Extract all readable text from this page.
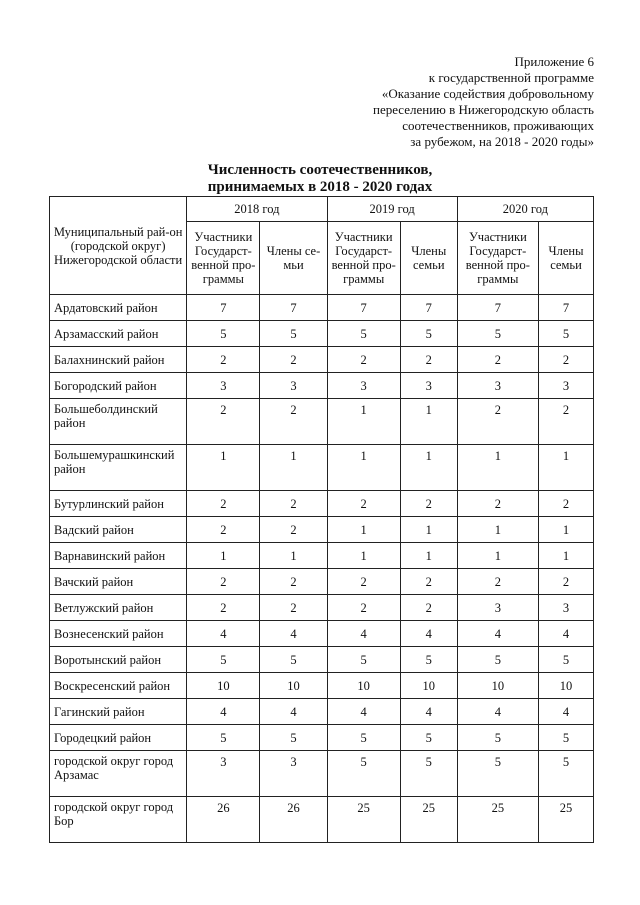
Приложение 6
к государственной программе
«Оказание содействия добровольному
переселению в Нижегородскую область
соотечественников, проживающих
за рубежом, на 2018 - 2020 годы»
Численность соотечественников,
принимаемых в 2018 - 2020 годах
Муниципальный рай-он (городской округ) Нижегородской области	2018 год		2019 год		2020 год	
	Участники Государст-венной про-граммы	Члены се-мьи	Участники Государст-венной про-граммы	Члены семьи	Участники Государст-венной про-граммы	Члены семьи
Ардатовский район	7	7	7	7	7	7
Арзамасский район	5	5	5	5	5	5
Балахнинский район	2	2	2	2	2	2
Богородский район	3	3	3	3	3	3
Большеболдинский район	2	2	1	1	2	2
Большемурашкинский район	1	1	1	1	1	1
Бутурлинский район	2	2	2	2	2	2
Вадский район	2	2	1	1	1	1
Варнавинский район	1	1	1	1	1	1
Вачский район	2	2	2	2	2	2
Ветлужский район	2	2	2	2	3	3
Вознесенский район	4	4	4	4	4	4
Воротынский район	5	5	5	5	5	5
Воскресенский район	10	10	10	10	10	10
Гагинский район	4	4	4	4	4	4
Городецкий район	5	5	5	5	5	5
городской округ город Арзамас	3	3	5	5	5	5
городской округ город Бор	26	26	25	25	25	25
